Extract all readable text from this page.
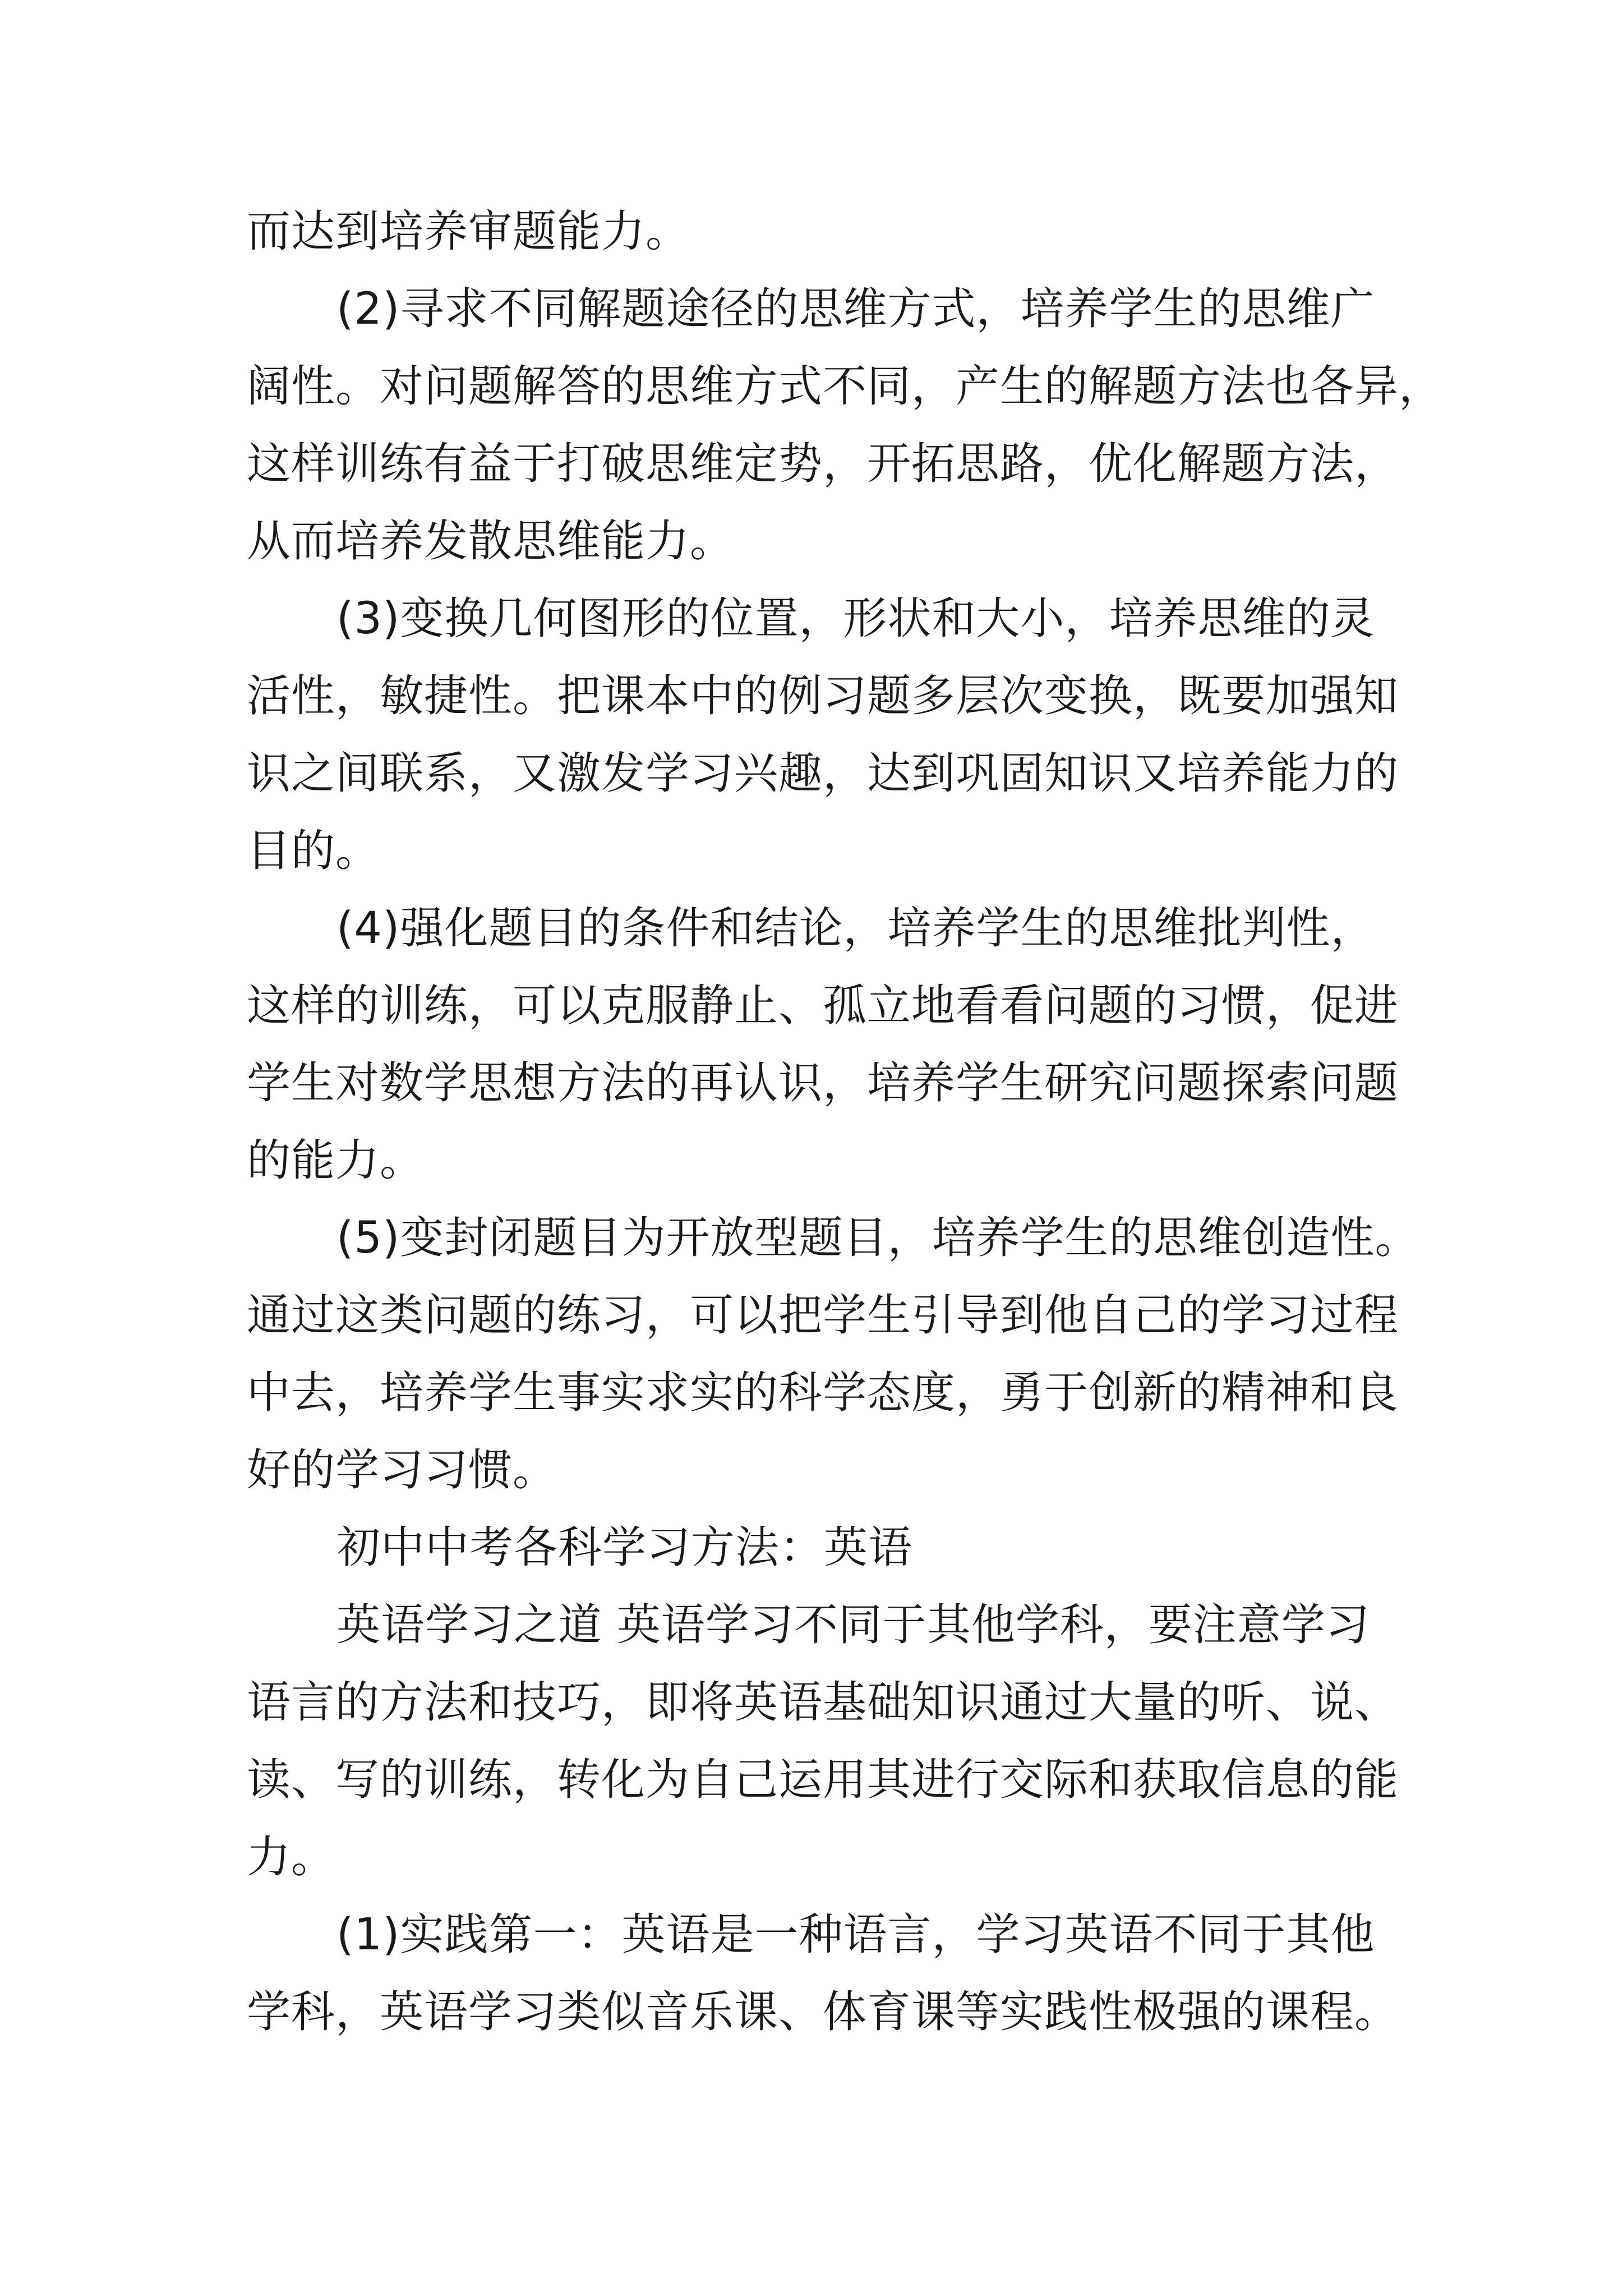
而达到培养审题能力。
(2)寻求不同解题途径的思维方式，培养学生的思维广
阔性。对问题解答的思维方式不同，产生的解题方法也各异，
这样训练有益于打破思维定势，开拓思路，优化解题方法，
从而培养发散思维能力。
(3)变换几何图形的位置，形状和大小，培养思维的灵
活性，敏捷性。把课本中的例习题多层次变换，既要加强知
识之间联系，又激发学习兴趣，达到巩固知识又培养能力的
目的。
(4)强化题目的条件和结论，培养学生的思维批判性，
这样的训练，可以克服静止、孤立地看看问题的习惯，促进
学生对数学思想方法的再认识，培养学生研究问题探索问题
的能力。
(5)变封闭题目为开放型题目，培养学生的思维创造性。
通过这类问题的练习，可以把学生引导到他自己的学习过程
中去，培养学生事实求实的科学态度，勇于创新的精神和良
好的学习习惯。
初中中考各科学习方法：英语
英语学习之道 英语学习不同于其他学科，要注意学习
语言的方法和技巧，即将英语基础知识通过大量的听、说、
读、写的训练，转化为自己运用其进行交际和获取信息的能
力。
(1)实践第一：英语是一种语言，学习英语不同于其他
学科，英语学习类似音乐课、体育课等实践性极强的课程。
